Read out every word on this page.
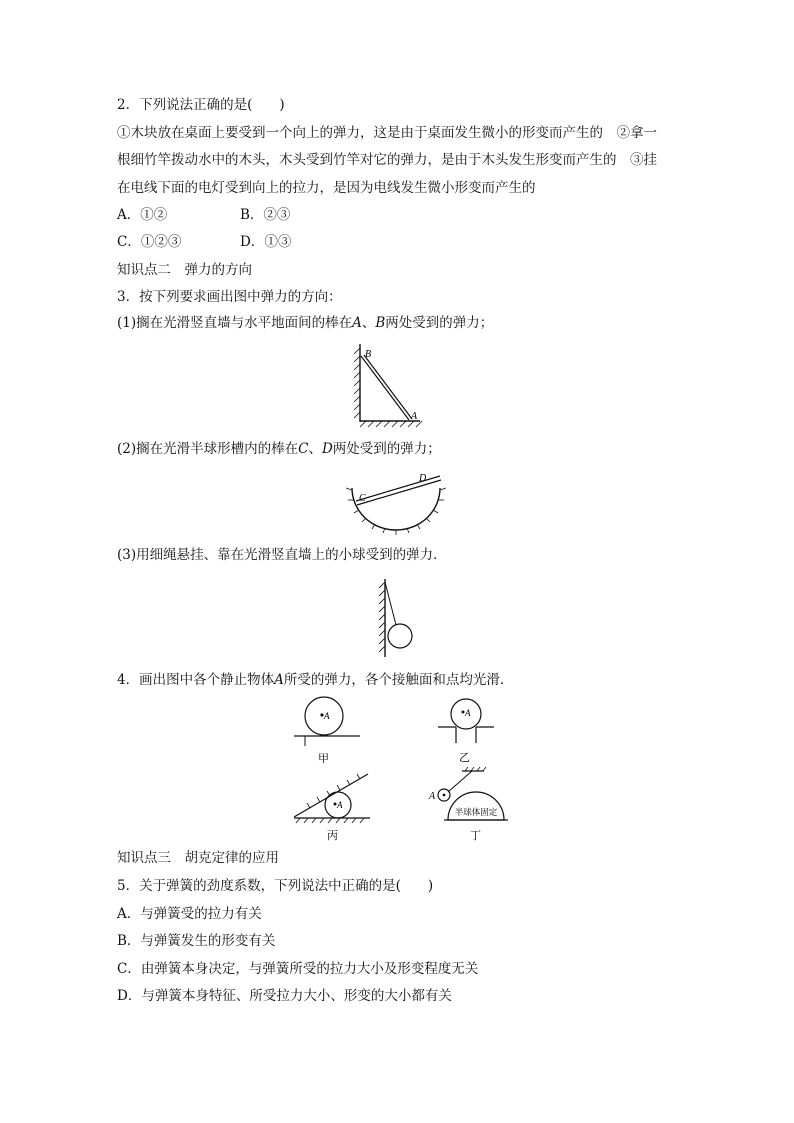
2．下列说法正确的是(　　)
①木块放在桌面上要受到一个向上的弹力，这是由于桌面发生微小的形变而产生的　②拿一
根细竹竿拨动水中的木头，木头受到竹竿对它的弹力，是由于木头发生形变而产生的　③挂
在电线下面的电灯受到向上的拉力，是因为电线发生微小形变而产生的
A．①②	B．②③
C．①②③	D．①③
知识点二　弹力的方向
3．按下列要求画出图中弹力的方向：
(1)搁在光滑竖直墙与水平地面间的棒在A、B两处受到的弹力；
B
A
(2)搁在光滑半球形槽内的棒在C、D两处受到的弹力；
C
D
(3)用细绳悬挂、靠在光滑竖直墙上的小球受到的弹力．
4．画出图中各个静止物体A所受的弹力，各个接触面和点均光滑．
A
甲
A
乙
A
丙
A
半球体固定
丁
知识点三　胡克定律的应用
5．关于弹簧的劲度系数，下列说法中正确的是(　　)
A．与弹簧受的拉力有关
B．与弹簧发生的形变有关
C．由弹簧本身决定，与弹簧所受的拉力大小及形变程度无关
D．与弹簧本身特征、所受拉力大小、形变的大小都有关
